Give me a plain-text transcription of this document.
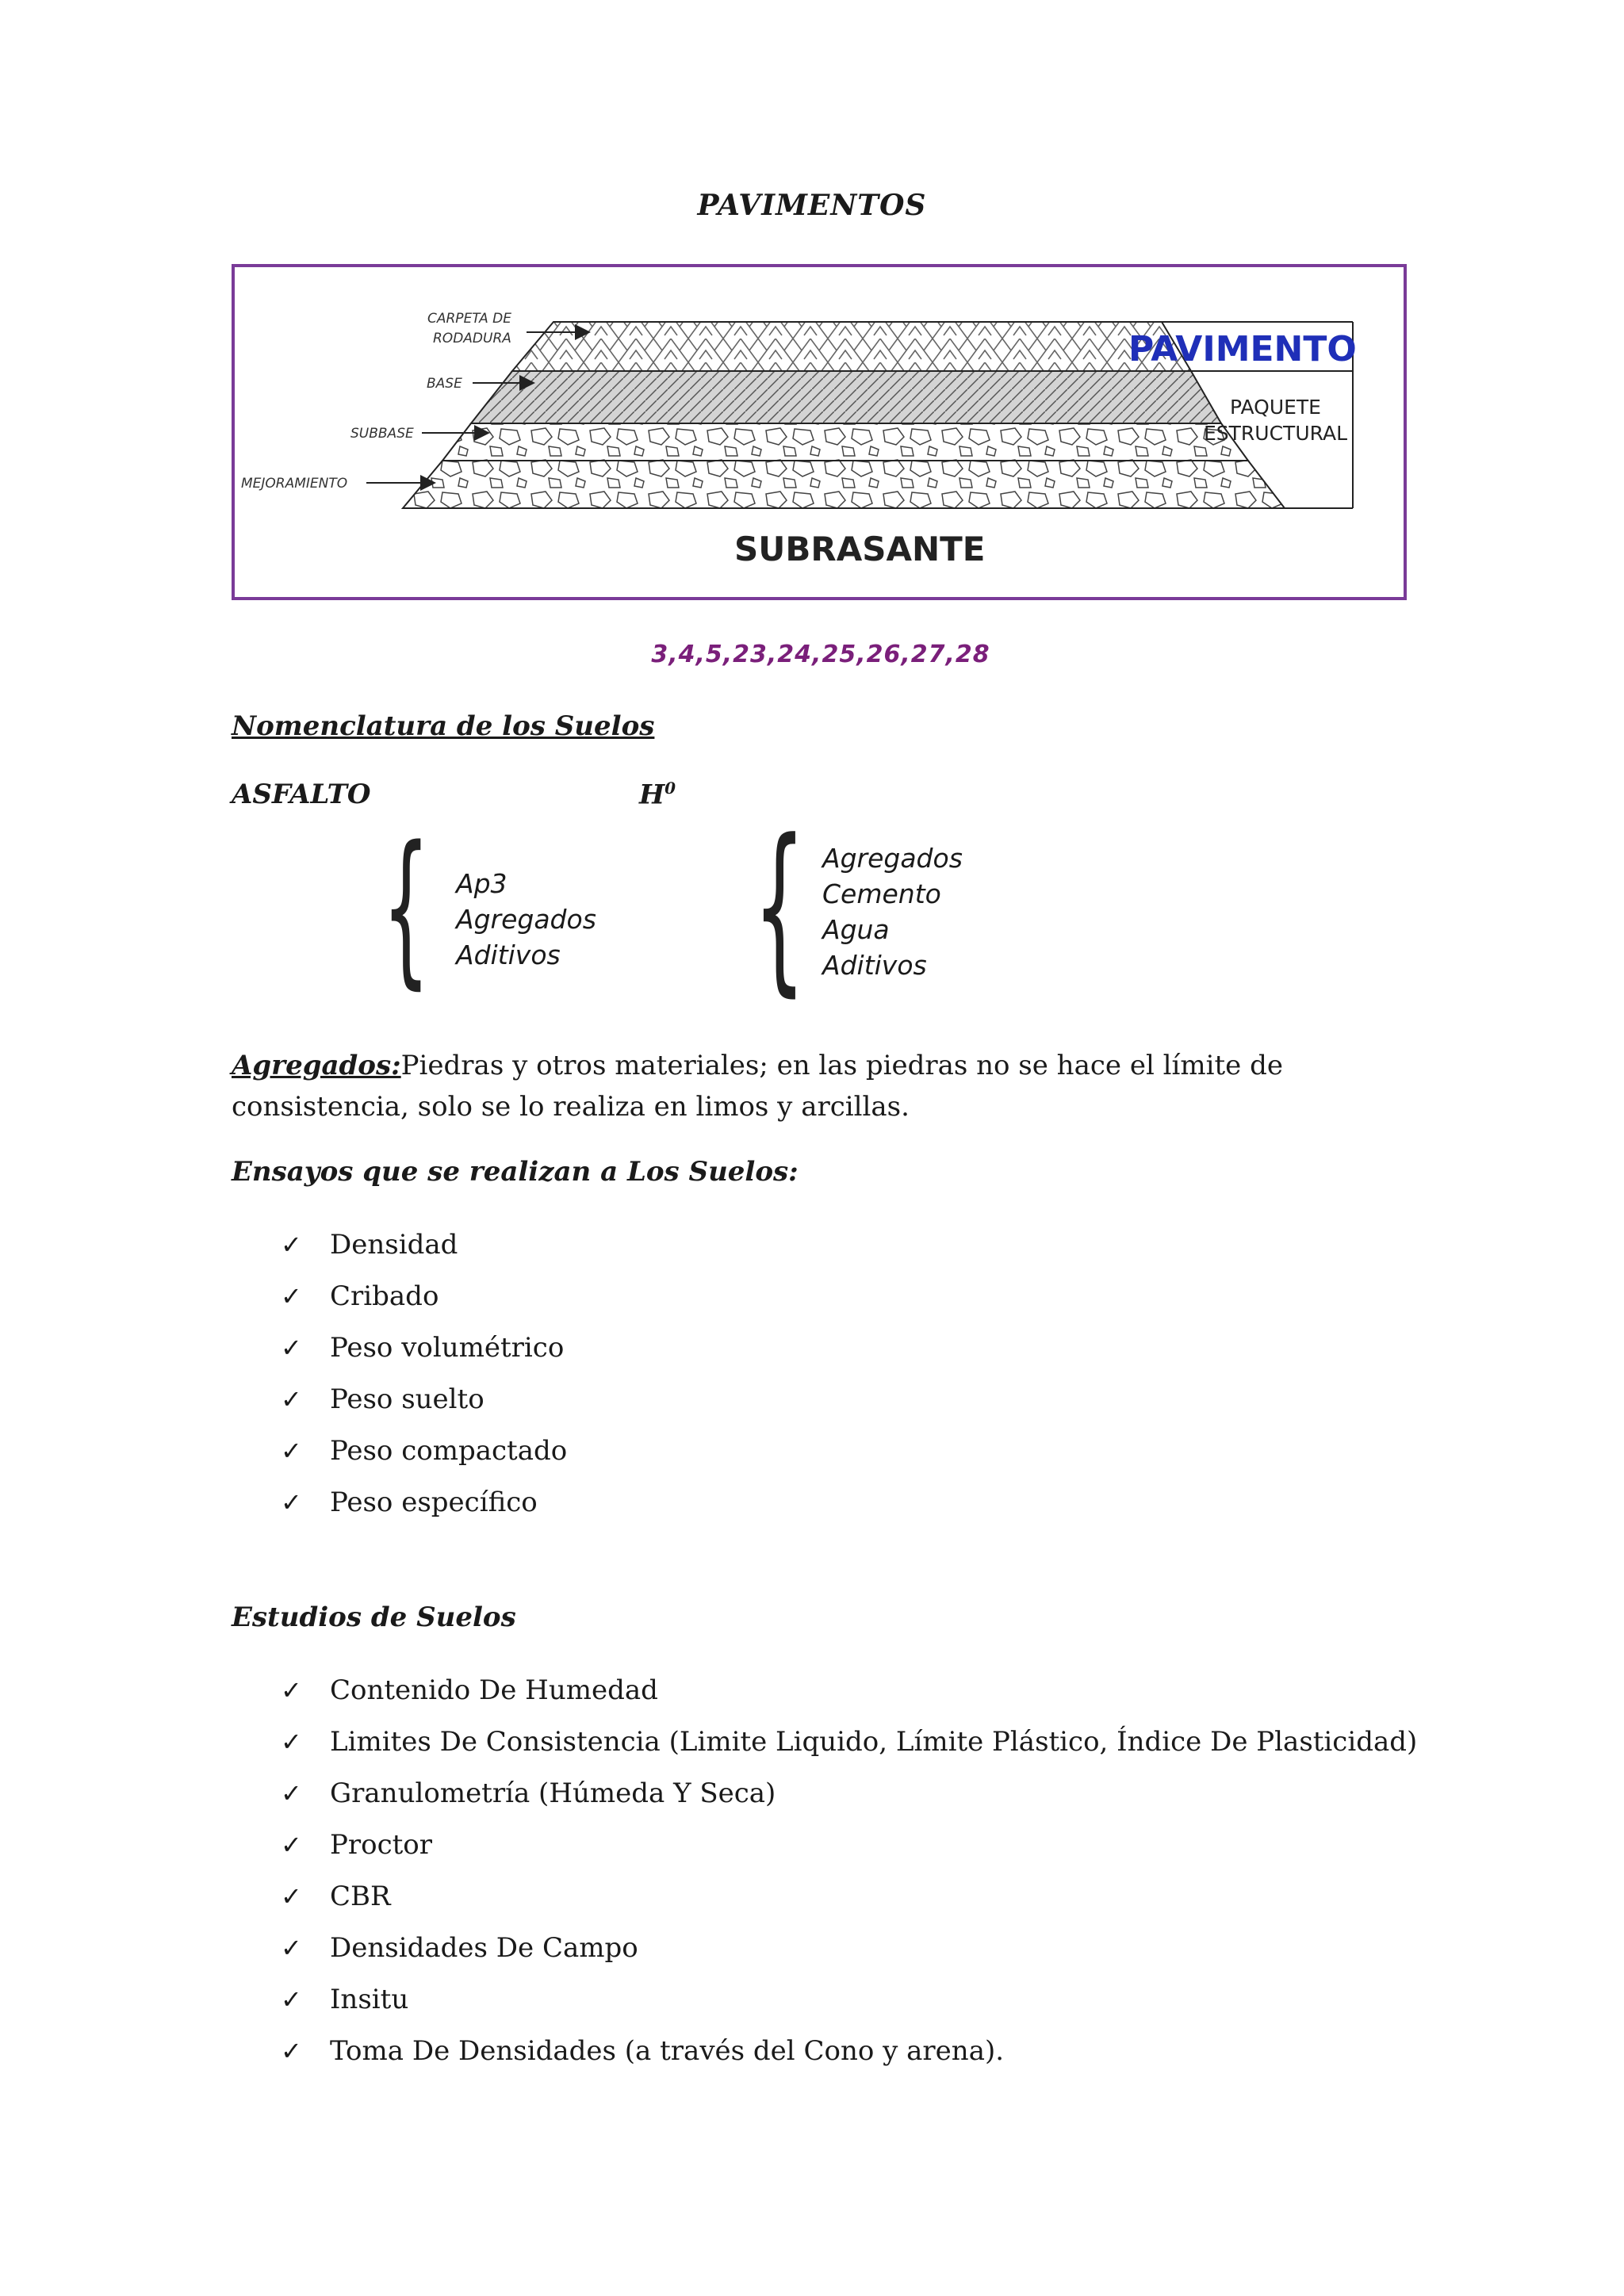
PAVIMENTOS
CARPETA DE
RODADURA
BASE
SUBBASE
MEJORAMIENTO
PAVIMENTO
PAQUETE
ESTRUCTURAL
SUBRASANTE
3,4,5,23,24,25,26,27,28
Nomenclatura de los Suelos
ASFALTO	$H^0$
{ Ap3
Agregados
Aditivos { Agregados
Cemento
Agua
Aditivos
Agregados:Piedras y otros materiales; en las piedras no se hace el límite de consistencia, solo se lo realiza en limos y arcillas.
Ensayos que se realizan a Los Suelos:
✓ Densidad
✓ Cribado
✓ Peso volumétrico
✓ Peso suelto
✓ Peso compactado
✓ Peso específico
Estudios de Suelos
✓ Contenido De Humedad
✓ Limites De Consistencia (Limite Liquido, Límite Plástico, Índice De Plasticidad)
✓ Granulometría (Húmeda Y Seca)
✓ Proctor
✓ CBR
✓ Densidades De Campo
✓ Insitu
✓ Toma De Densidades (a través del Cono y arena).
